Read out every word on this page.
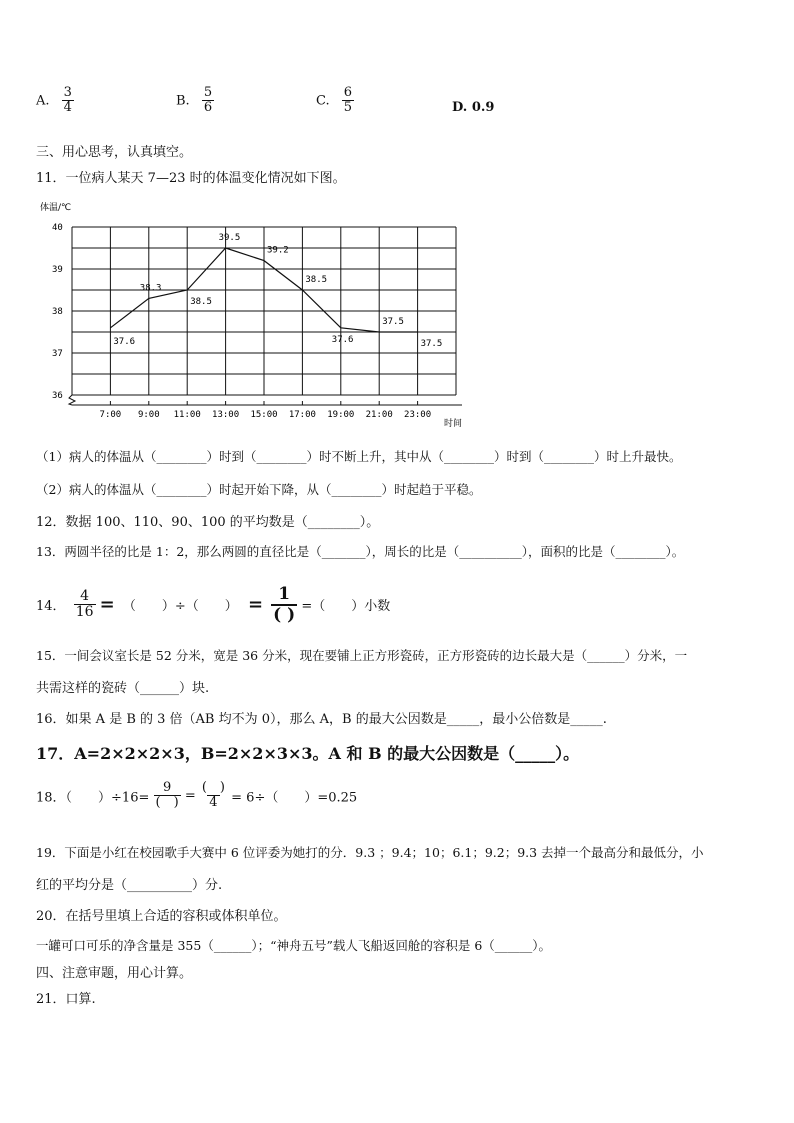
A. $\frac{3}{4}$	B. $\frac{5}{6}$	C. $\frac{6}{5}$	D. 0.9
三、用心思考，认真填空。
11．一位病人某天 7—23 时的体温变化情况如下图。
体温/℃
40
39
38
37
36
7:00 9:00 11:00 13:00 15:00 17:00 19:00 21:00 23:00
37.6
38.3
38.5
39.5
39.2
38.5
37.6
37.5
37.5
时间
（1）病人的体温从（________）时到（________）时不断上升，其中从（________）时到（________）时上升最快。
（2）病人的体温从（________）时起开始下降，从（________）时起趋于平稳。
12．数据 100、110、90、100 的平均数是（________）。
13．两圆半径的比是 1：2，那么两圆的直径比是（_______），周长的比是（__________），面积的比是（________）。
14． $\frac{4}{16}$ = （　　）÷（　　） = $\frac{1}{( )}$ =（　　）小数
15．一间会议室长是 52 分米，宽是 36 分米，现在要铺上正方形瓷砖，正方形瓷砖的边长最大是（______）分米，一
共需这样的瓷砖（______）块.
16．如果 A 是 B 的 3 倍（AB 均不为 0），那么 A，B 的最大公因数是_____，最小公倍数是_____.
17．A=2×2×2×3，B=2×2×3×3。A 和 B 的最大公因数是（_____）。
18．（　　）$\div 16= \frac{9}{( )} = \frac{( )}{4} = 6\div$（　　）=0.25
19．下面是小红在校园歌手大赛中 6 位评委为她打的分．9.3 ；9.4；10；6.1；9.2；9.3 去掉一个最高分和最低分，小
红的平均分是（__________）分.
20．在括号里填上合适的容积或体积单位。
一罐可口可乐的净含量是 355（______）；“神舟五号”载人飞船返回舱的容积是 6（______）。
四、注意审题，用心计算。
21．口算.
